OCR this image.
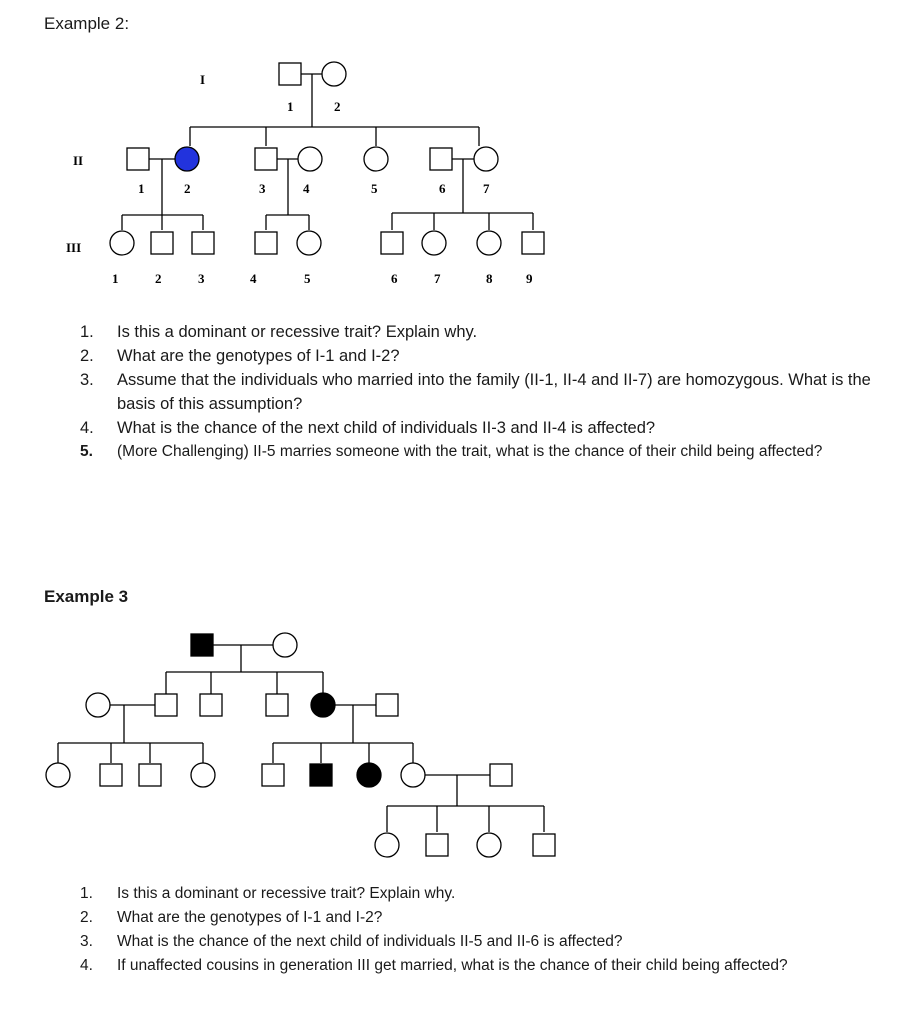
Example 2:
I
II
III
1	2
1	2	3	4	5	6	7
1	2	3	4	5	6	7	8	9
1. Is this a dominant or recessive trait? Explain why.
2. What are the genotypes of I-1 and I-2?
3. Assume that the individuals who married into the family (II-1, II-4 and II-7) are homozygous. What is the basis of this assumption?
4. What is the chance of the next child of individuals II-3 and II-4 is affected?
5. (More Challenging) II-5 marries someone with the trait, what is the chance of their child being affected?
Example 3
1. Is this a dominant or recessive trait? Explain why.
2. What are the genotypes of I-1 and I-2?
3. What is the chance of the next child of individuals II-5 and II-6 is affected?
4. If unaffected cousins in generation III get married, what is the chance of their child being affected?
